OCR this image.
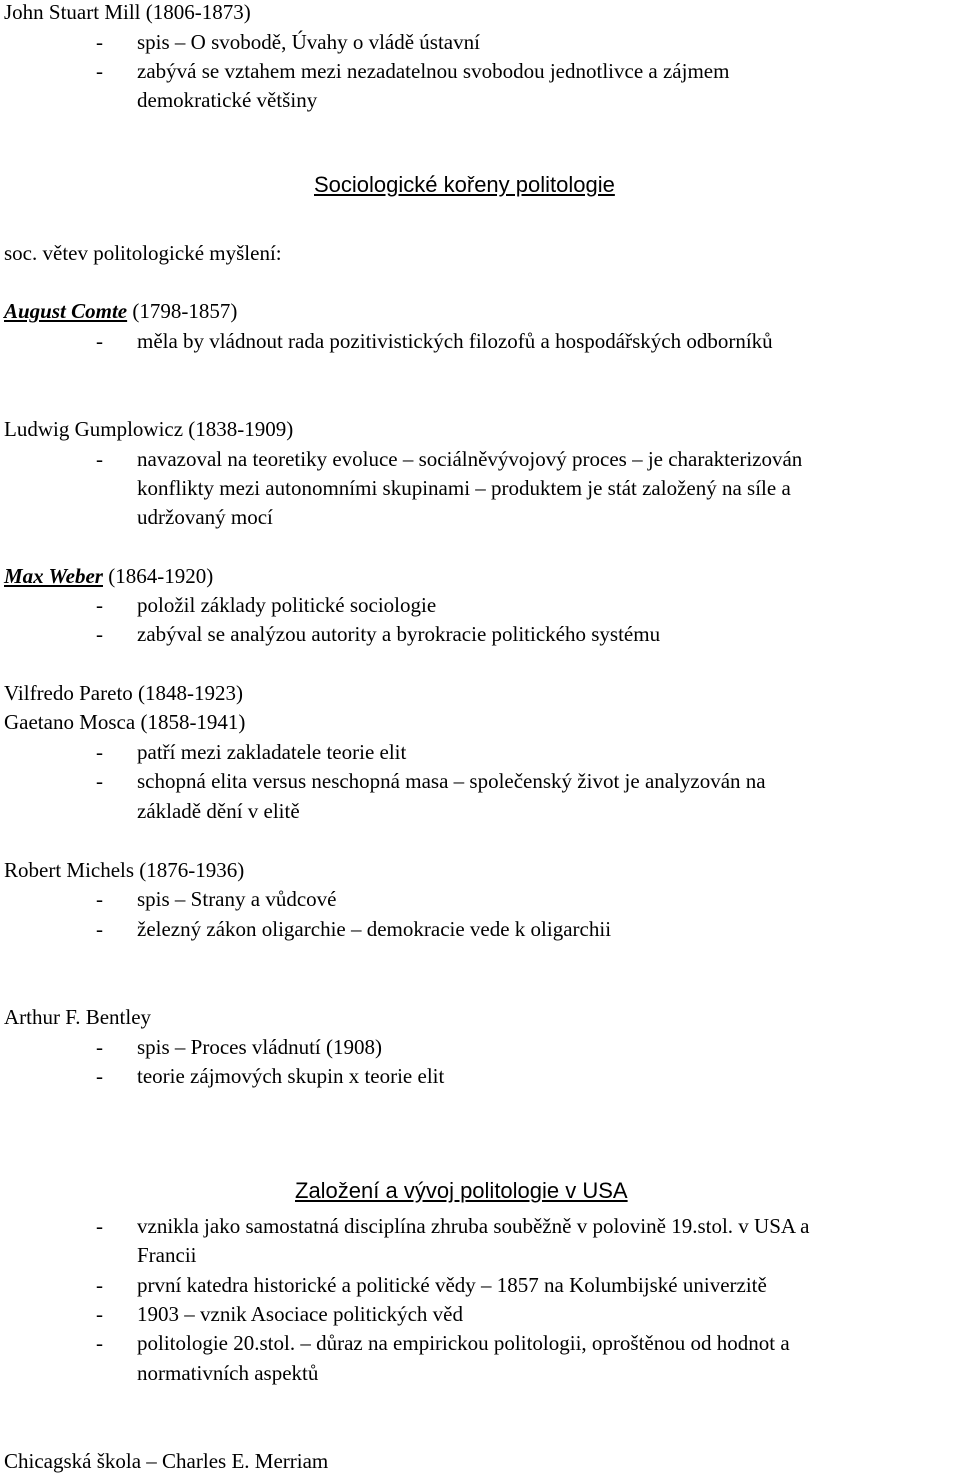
John Stuart Mill (1806-1873)
- spis – O svobodě, Úvahy o vládě ústavní
- zabývá se vztahem mezi nezadatelnou svobodou jednotlivce a zájmem
demokratické většiny
Sociologické kořeny politologie
soc. větev politologické myšlení:
August Comte (1798-1857)
- měla by vládnout rada pozitivistických filozofů a hospodářských odborníků
Ludwig Gumplowicz (1838-1909)
- navazoval na teoretiky evoluce – sociálněvývojový proces – je charakterizován
konflikty mezi autonomními skupinami – produktem je stát založený na síle a
udržovaný mocí
Max Weber (1864-1920)
- položil základy politické sociologie
- zabýval se analýzou autority a byrokracie politického systému
Vilfredo Pareto (1848-1923)
Gaetano Mosca (1858-1941)
- patří mezi zakladatele teorie elit
- schopná elita versus neschopná masa – společenský život je analyzován na
základě dění v elitě
Robert Michels (1876-1936)
- spis – Strany a vůdcové
- železný zákon oligarchie – demokracie vede k oligarchii
Arthur F. Bentley
- spis – Proces vládnutí (1908)
- teorie zájmových skupin x teorie elit
Založení a vývoj politologie v USA
- vznikla jako samostatná disciplína zhruba souběžně v polovině 19.stol. v USA a
Francii
- první katedra historické a politické vědy – 1857 na Kolumbijské univerzitě
- 1903 – vznik Asociace politických věd
- politologie 20.stol. – důraz na empirickou politologii, oproštěnou od hodnot a
normativních aspektů
Chicagská škola – Charles E. Merriam
